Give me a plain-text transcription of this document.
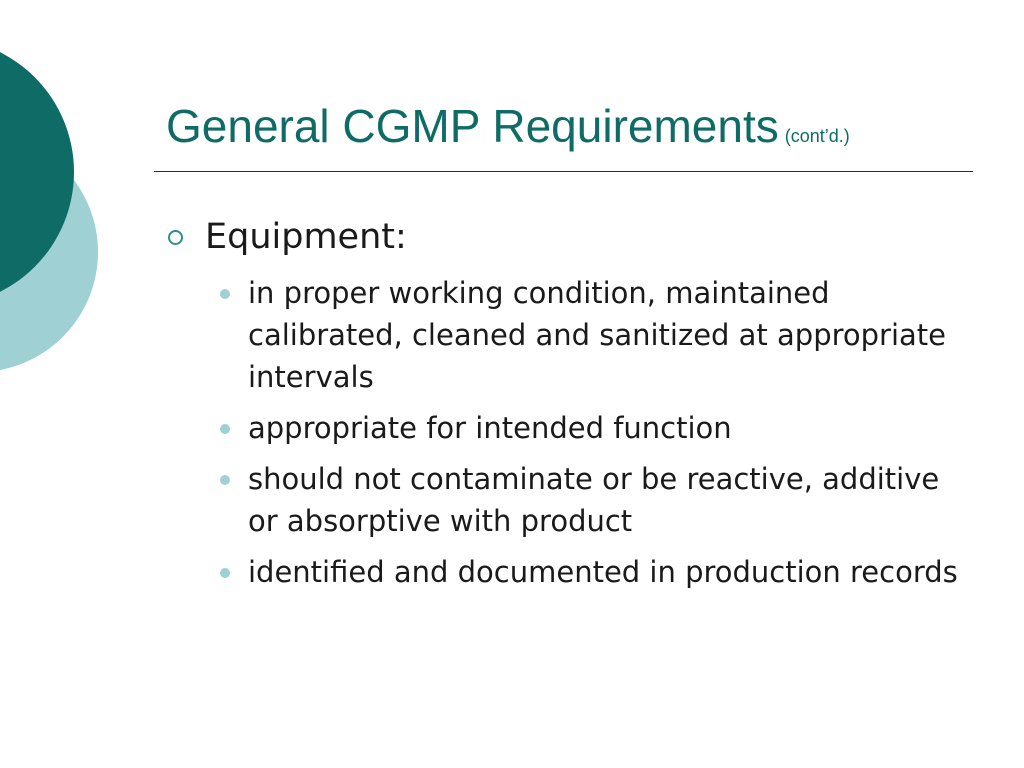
General CGMP Requirements (cont’d.)
Equipment:
in proper working condition, maintained calibrated, cleaned and sanitized at appropriate intervals
appropriate for intended function
should not contaminate or be reactive, additive or absorptive with product
identified and documented in production records
